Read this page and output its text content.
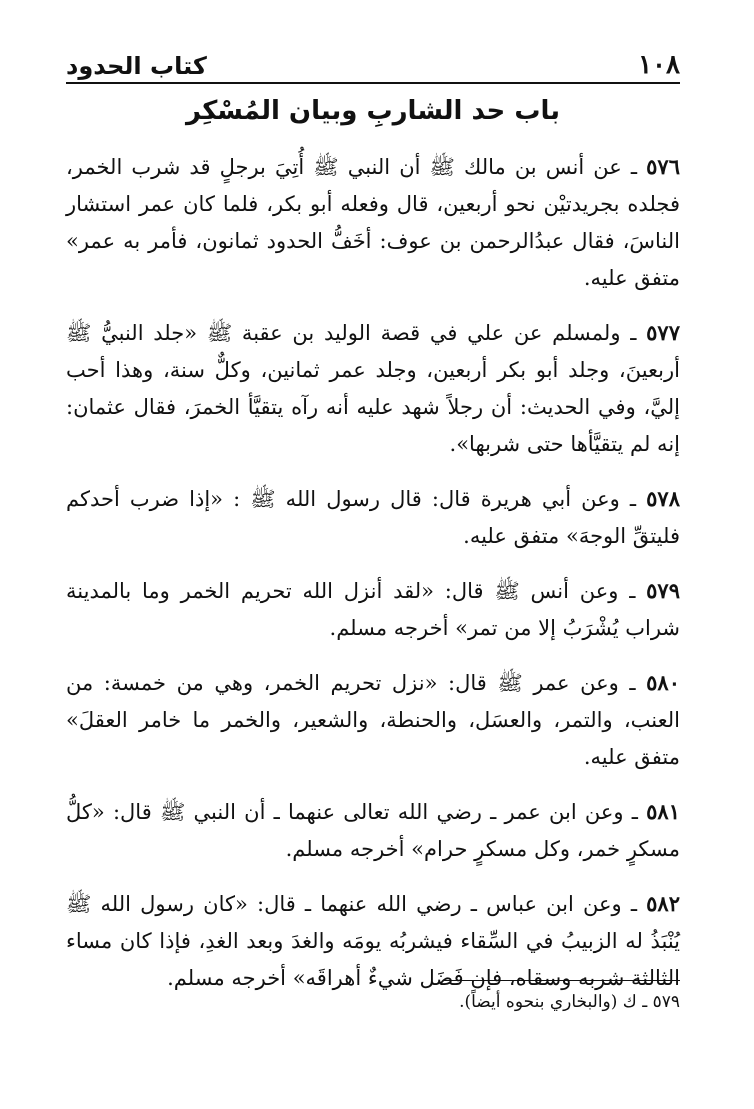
١٠٨
كتاب الحدود
باب حد الشاربِ وبيان المُسْكِر

٥٧٦ ـ عن أنس بن مالك ﷺ أن النبي ﷺ أُتِيَ برجلٍ قد شرب الخمر، فجلده بجريدتيْن نحو أربعين، قال وفعله أبو بكر، فلما كان عمر استشار الناسَ، فقال عبدُالرحمن بن عوف: أخَفُّ الحدود ثمانون، فأمر به عمر» متفق عليه.

٥٧٧ ـ ولمسلم عن علي في قصة الوليد بن عقبة ﷺ «جلد النبيُّ ﷺ أربعينَ، وجلد أبو بكر أربعين، وجلد عمر ثمانين، وكلٌّ سنة، وهذا أحب إليَّ، وفي الحديث: أن رجلاً شهد عليه أنه رآه يتقيَّأ الخمرَ، فقال عثمان: إنه لم يتقيَّأها حتى شربها».

٥٧٨ ـ وعن أبي هريرة قال: قال رسول الله ﷺ : «إذا ضرب أحدكم فليتقِّ الوجهَ» متفق عليه.

٥٧٩ ـ وعن أنس ﷺ قال: «لقد أنزل الله تحريم الخمر وما بالمدينة شراب يُشْرَبُ إلا من تمر» أخرجه مسلم.

٥٨٠ ـ وعن عمر ﷺ قال: «نزل تحريم الخمر، وهي من خمسة: من العنب، والتمر، والعسَل، والحنطة، والشعير، والخمر ما خامر العقلَ» متفق عليه.

٥٨١ ـ وعن ابن عمر ـ رضي الله تعالى عنهما ـ أن النبي ﷺ قال: «كلُّ مسكرٍ خمر، وكل مسكرٍ حرام» أخرجه مسلم.

٥٨٢ ـ وعن ابن عباس ـ رضي الله عنهما ـ قال: «كان رسول الله ﷺ يُنْبَذُ له الزبيبُ في السِّقاء فيشربُه يومَه والغدَ وبعد الغدِ، فإذا كان مساء الثالثة شربه وسقاه، فإن فَضَل شيءٌ أهراقَه» أخرجه مسلم.

٥٧٩ ـ ك (والبخاري بنحوه أيضاً).
